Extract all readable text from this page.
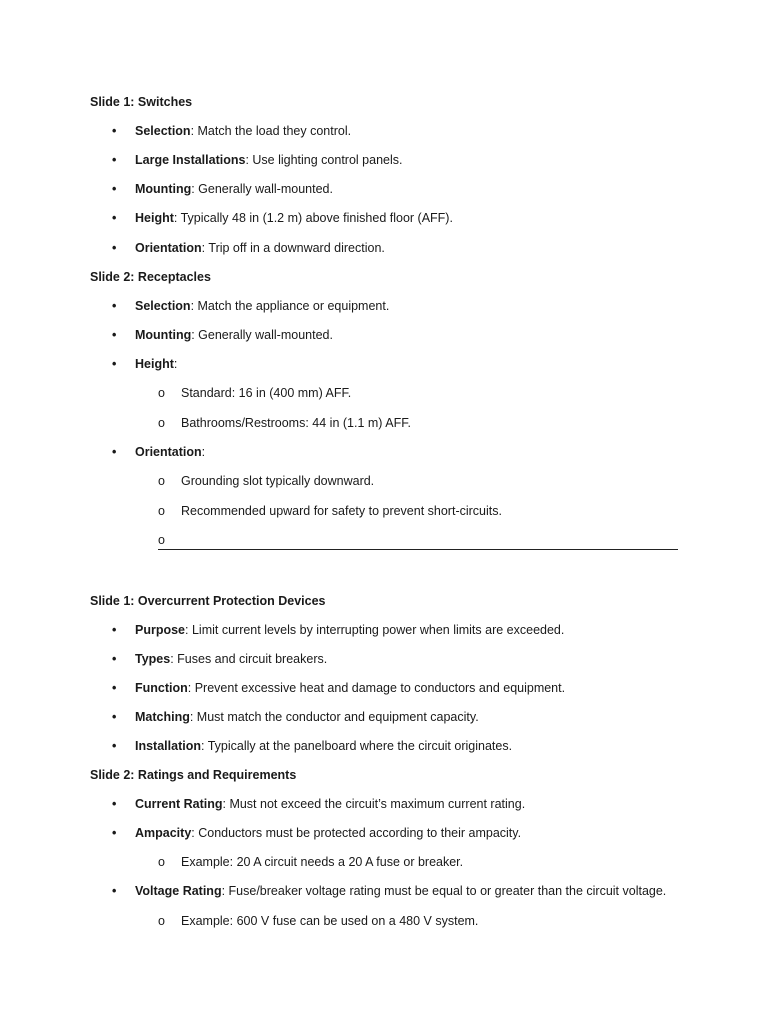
Slide 1: Switches
•	Selection: Match the load they control.
•	Large Installations: Use lighting control panels.
•	Mounting: Generally wall-mounted.
•	Height: Typically 48 in (1.2 m) above finished floor (AFF).
•	Orientation: Trip off in a downward direction.
Slide 2: Receptacles
•	Selection: Match the appliance or equipment.
•	Mounting: Generally wall-mounted.
•	Height:
o Standard: 16 in (400 mm) AFF.
o Bathrooms/Restrooms: 44 in (1.1 m) AFF.
•	Orientation:
o Grounding slot typically downward.
o Recommended upward for safety to prevent short-circuits.
o
Slide 1: Overcurrent Protection Devices
•	Purpose: Limit current levels by interrupting power when limits are exceeded.
•	Types: Fuses and circuit breakers.
•	Function: Prevent excessive heat and damage to conductors and equipment.
•	Matching: Must match the conductor and equipment capacity.
•	Installation: Typically at the panelboard where the circuit originates.
Slide 2: Ratings and Requirements
•	Current Rating: Must not exceed the circuit’s maximum current rating.
•	Ampacity: Conductors must be protected according to their ampacity.
o Example: 20 A circuit needs a 20 A fuse or breaker.
•	Voltage Rating: Fuse/breaker voltage rating must be equal to or greater than the circuit voltage.
o Example: 600 V fuse can be used on a 480 V system.
